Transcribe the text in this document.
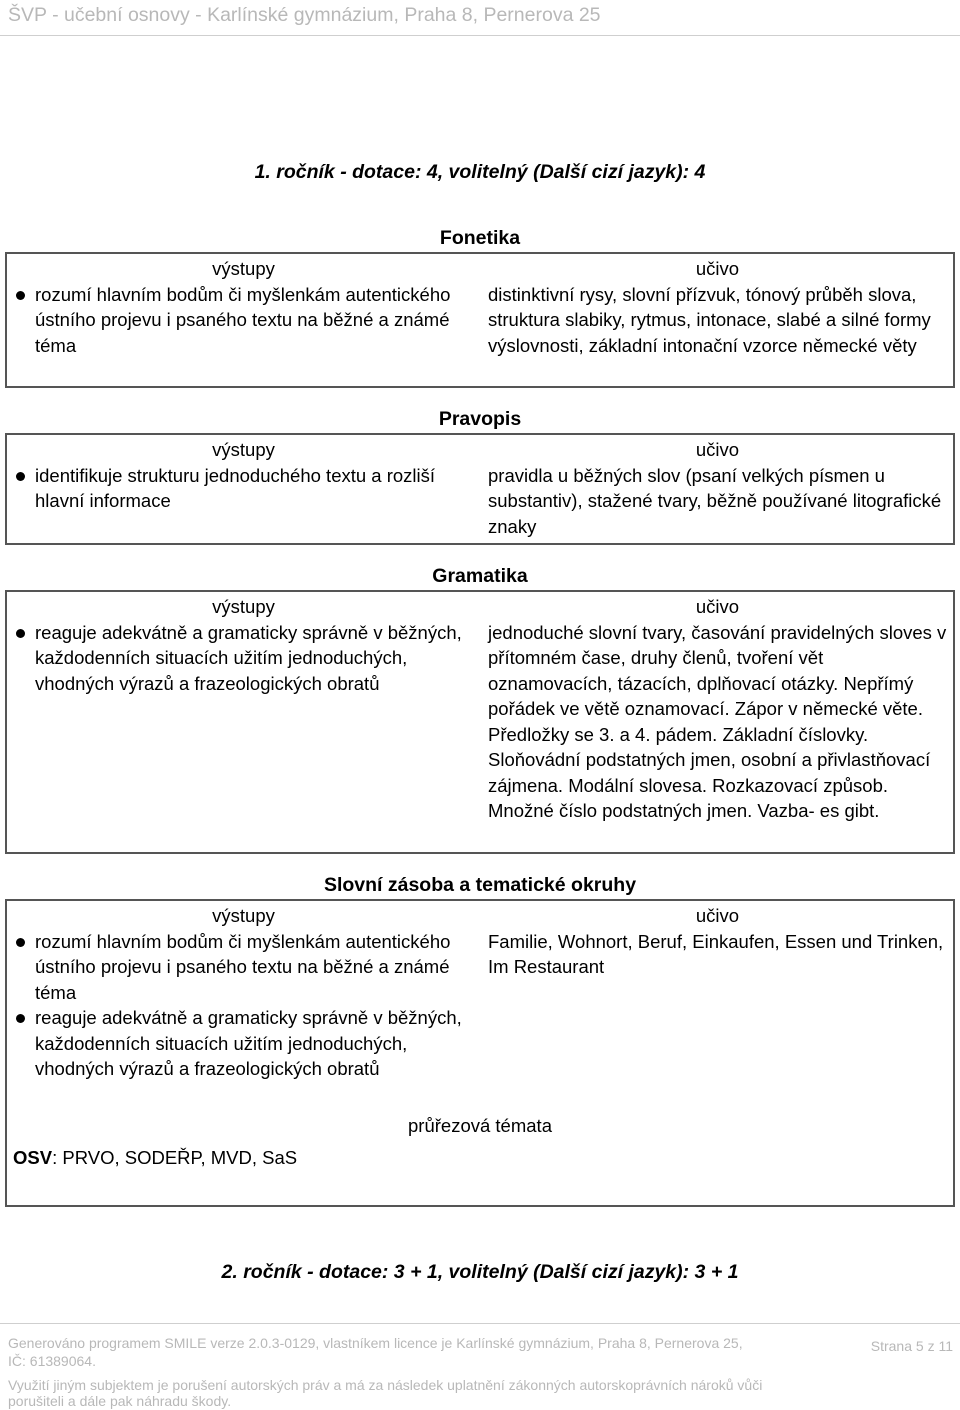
ŠVP - učební osnovy - Karlínské gymnázium, Praha 8, Pernerova 25
1. ročník - dotace: 4, volitelný (Další cizí jazyk): 4
Fonetika
výstupy
rozumí hlavním bodům či myšlenkám autentického ústního projevu i psaného textu na běžné a známé téma
učivo
distinktivní rysy, slovní přízvuk, tónový průběh slova, struktura slabiky, rytmus, intonace, slabé a silné formy výslovnosti, základní intonační vzorce německé věty
Pravopis
výstupy
identifikuje strukturu jednoduchého textu a rozliší hlavní informace
učivo
pravidla u běžných slov (psaní velkých písmen u substantiv), stažené tvary, běžně používané litografické znaky
Gramatika
výstupy
reaguje adekvátně a gramaticky správně v běžných, každodenních situacích užitím jednoduchých, vhodných výrazů a frazeologických obratů
učivo
jednoduché slovní tvary, časování pravidelných sloves v přítomném čase, druhy členů, tvoření vět oznamovacích, tázacích, dplňovací otázky. Nepřímý pořádek ve větě oznamovací. Zápor v německé věte. Předložky se 3. a 4. pádem. Základní číslovky. Sloňovádní podstatných jmen, osobní a přivlastňovací zájmena. Modální slovesa. Rozkazovací způsob. Množné číslo podstatných jmen. Vazba- es gibt.
Slovní zásoba a tematické okruhy
výstupy
rozumí hlavním bodům či myšlenkám autentického ústního projevu i psaného textu na běžné a známé téma
reaguje adekvátně a gramaticky správně v běžných, každodenních situacích užitím jednoduchých, vhodných výrazů a frazeologických obratů
učivo
Familie, Wohnort, Beruf, Einkaufen, Essen und Trinken, Im Restaurant
průřezová témata
OSV: PRVO, SODEŘP, MVD, SaS
2. ročník - dotace: 3 + 1, volitelný (Další cizí jazyk): 3 + 1
Generováno programem SMILE verze 2.0.3-0129, vlastníkem licence je Karlínské gymnázium, Praha 8, Pernerova 25,
IČ: 61389064.
Strana 5 z 11
Využití jiným subjektem je porušení autorských práv a má za následek uplatnění zákonných autorskoprávních nároků vůči
porušiteli a dále pak náhradu škody.
